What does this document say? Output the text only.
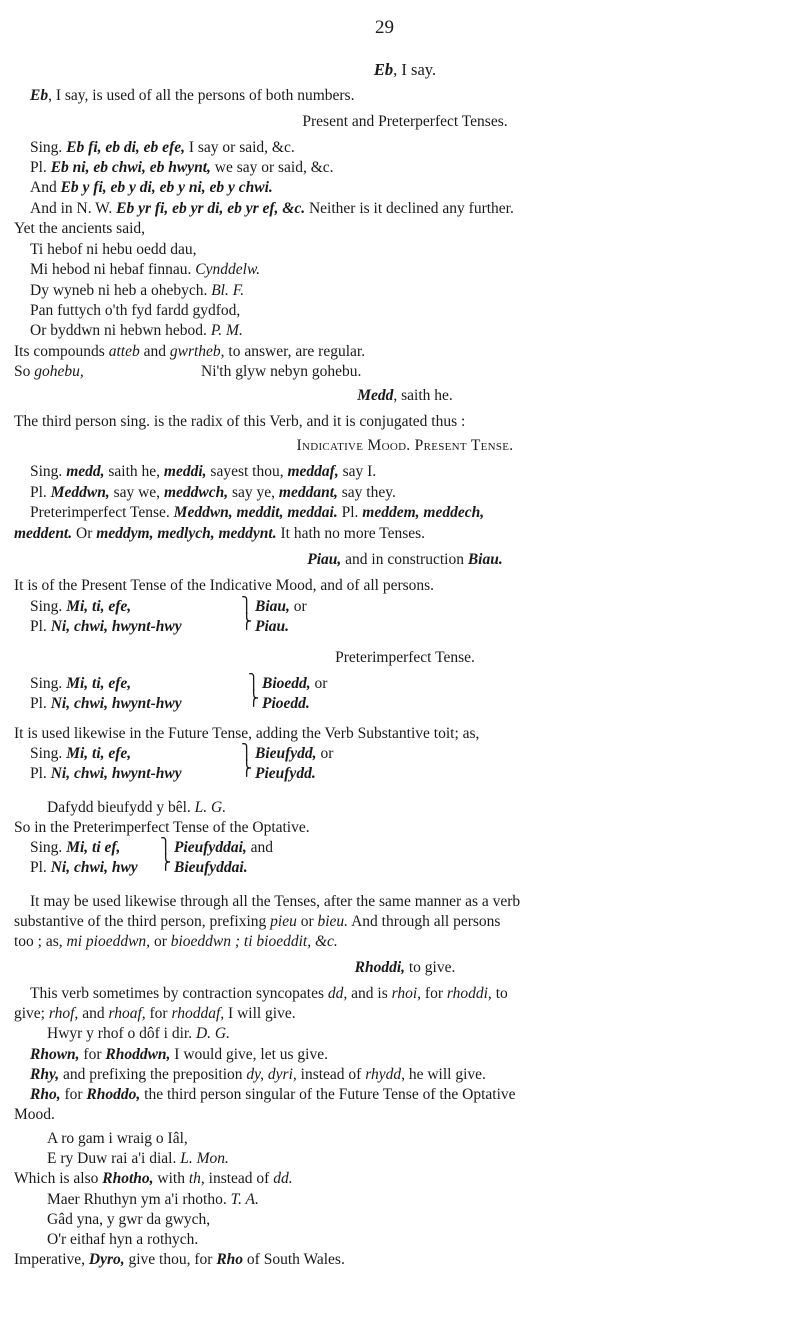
29
Eb, I say.
Eb, I say, is used of all the persons of both numbers.
Present and Preterperfect Tenses.
Sing. Eb fi, eb di, eb efe, I say or said, &c.
Pl. Eb ni, eb chwi, eb hwynt, we say or said, &c.
And Eb y fi, eb y di, eb y ni, eb y chwi.
And in N. W. Eb yr fi, eb yr di, eb yr ef, &c. Neither is it declined any further.
Yet the ancients said,
Ti hebof ni hebu oedd dau,
Mi hebod ni hebaf finnau. Cynddelw.
Dy wyneb ni heb a ohebych. Bl. F.
Pan futtych o'th fyd fardd gydfod,
Or byddwn ni hebwn hebod. P. M.
Its compounds atteb and gwrtheb, to answer, are regular.
So gohebu,	Ni'th glyw nebyn gohebu.
Medd, saith he.
The third person sing. is the radix of this Verb, and it is conjugated thus :
Indicative Mood. Present Tense.
Sing. medd, saith he, meddi, sayest thou, meddaf, say I.
Pl. Meddwn, say we, meddwch, say ye, meddant, say they.
Preterimperfect Tense. Meddwn, meddit, meddai. Pl. meddem, meddech,
meddent. Or meddym, medlych, meddynt. It hath no more Tenses.
Piau, and in construction Biau.
It is of the Present Tense of the Indicative Mood, and of all persons.
Sing. Mi, ti, efe,
Pl. Ni, chwi, hwynt-hwy
⎫
⎬
Biau, or
Piau.
Preterimperfect Tense.
Sing. Mi, ti, efe,
Pl. Ni, chwi, hwynt-hwy
⎫
⎬
Bioedd, or
Pioedd.
It is used likewise in the Future Tense, adding the Verb Substantive toit; as,
Sing. Mi, ti, efe,
Pl. Ni, chwi, hwynt-hwy
⎫
⎬
Bieufydd, or
Pieufydd.
Dafydd bieufydd y bêl. L. G.
So in the Preterimperfect Tense of the Optative.
Sing. Mi, ti ef,
Pl. Ni, chwi, hwy
⎫
⎬
Pieufyddai, and
Bieufyddai.
It may be used likewise through all the Tenses, after the same manner as a verb
substantive of the third person, prefixing pieu or bieu. And through all persons
too ; as, mi pioeddwn, or bioeddwn ; ti bioeddit, &c.
Rhoddi, to give.
This verb sometimes by contraction syncopates dd, and is rhoi, for rhoddi, to
give; rhof, and rhoaf, for rhoddaf, I will give.
Hwyr y rhof o dôf i dir. D. G.
Rhown, for Rhoddwn, I would give, let us give.
Rhy, and prefixing the preposition dy, dyri, instead of rhydd, he will give.
Rho, for Rhoddo, the third person singular of the Future Tense of the Optative
Mood.
A ro gam i wraig o Iâl,
E ry Duw rai a'i dial. L. Mon.
Which is also Rhotho, with th, instead of dd.
Maer Rhuthyn ym a'i rhotho. T. A.
Gâd yna, y gwr da gwych,
O'r eithaf hyn a rothych.
Imperative, Dyro, give thou, for Rho of South Wales.
